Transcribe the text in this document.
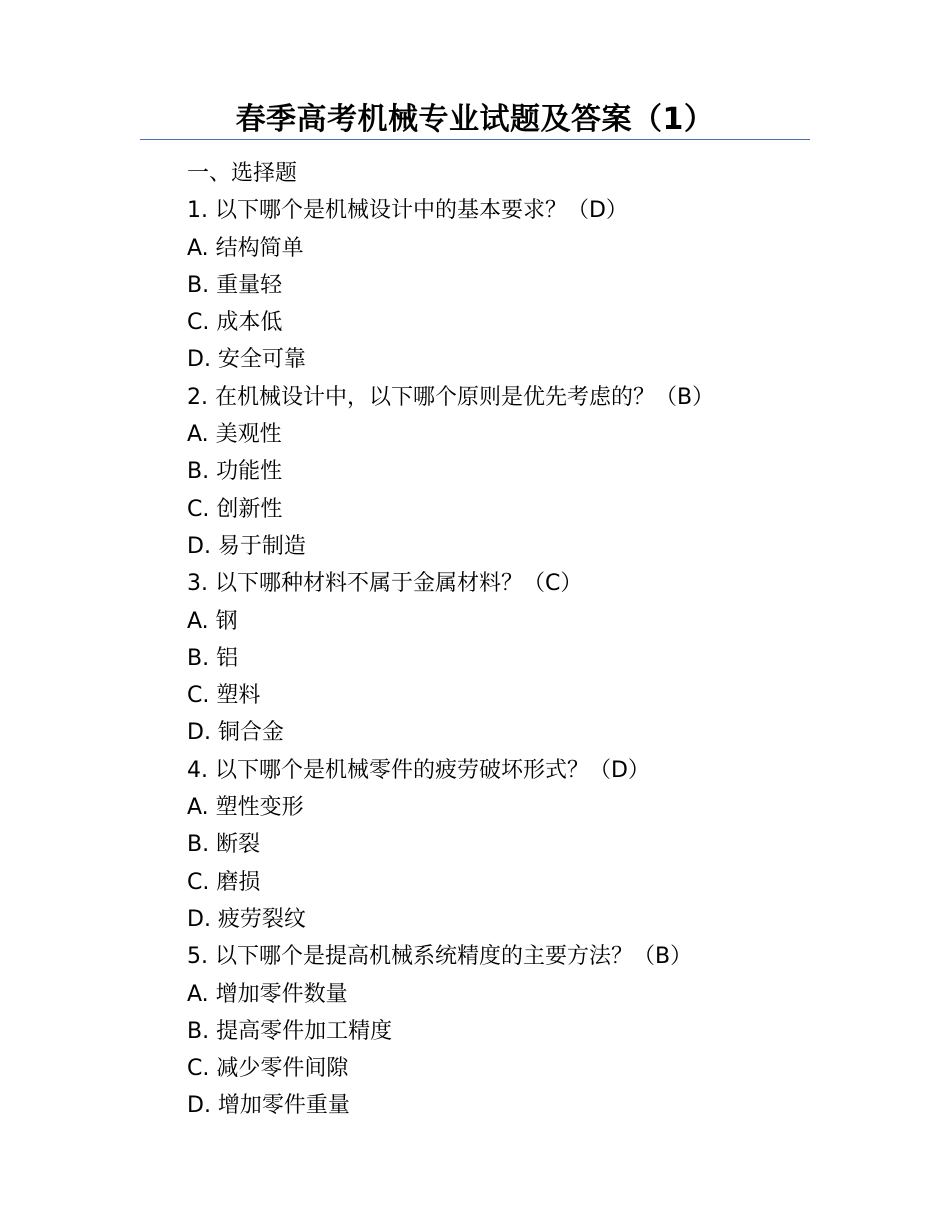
春季高考机械专业试题及答案（1）
一、选择题
1. 以下哪个是机械设计中的基本要求？（D）
A. 结构简单
B. 重量轻
C. 成本低
D. 安全可靠
2. 在机械设计中，以下哪个原则是优先考虑的？（B）
A. 美观性
B. 功能性
C. 创新性
D. 易于制造
3. 以下哪种材料不属于金属材料？（C）
A. 钢
B. 铝
C. 塑料
D. 铜合金
4. 以下哪个是机械零件的疲劳破坏形式？（D）
A. 塑性变形
B. 断裂
C. 磨损
D. 疲劳裂纹
5. 以下哪个是提高机械系统精度的主要方法？（B）
A. 增加零件数量
B. 提高零件加工精度
C. 减少零件间隙
D. 增加零件重量
